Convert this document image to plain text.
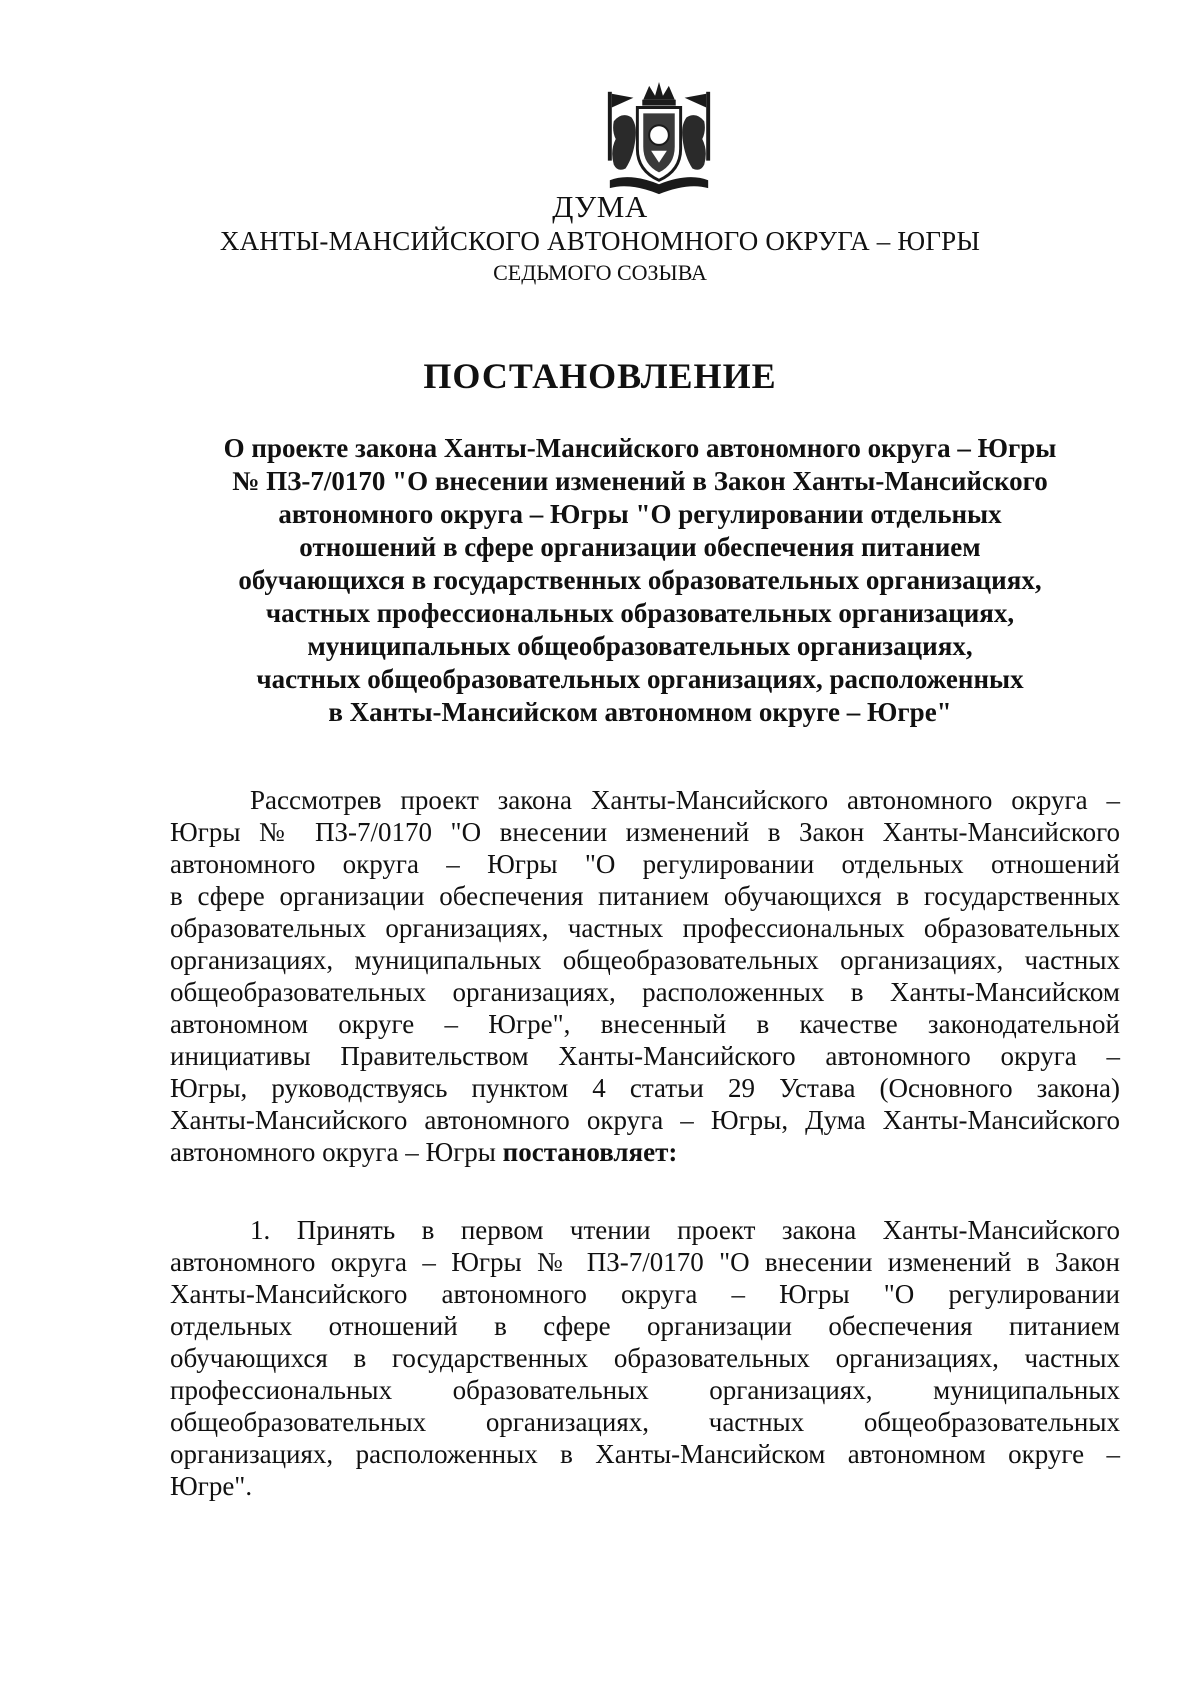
ДУМА
ХАНТЫ-МАНСИЙСКОГО АВТОНОМНОГО ОКРУГА – ЮГРЫ
СЕДЬМОГО СОЗЫВА
ПОСТАНОВЛЕНИЕ
О проекте закона Ханты-Мансийского автономного округа – Югры
№ ПЗ-7/0170 "О внесении изменений в Закон Ханты-Мансийского
автономного округа – Югры "О регулировании отдельных
отношений в сфере организации обеспечения питанием
обучающихся в государственных образовательных организациях,
частных профессиональных образовательных организациях,
муниципальных общеобразовательных организациях,
частных общеобразовательных организациях, расположенных
в Ханты-Мансийском автономном округе – Югре"
Рассмотрев проект закона Ханты-Мансийского автономного округа –
Югры № ПЗ-7/0170 "О внесении изменений в Закон Ханты-Мансийского
автономного округа – Югры "О регулировании отдельных отношений
в сфере организации обеспечения питанием обучающихся в государственных
образовательных организациях, частных профессиональных образовательных
организациях, муниципальных общеобразовательных организациях, частных
общеобразовательных организациях, расположенных в Ханты-Мансийском
автономном округе – Югре", внесенный в качестве законодательной
инициативы Правительством Ханты-Мансийского автономного округа –
Югры, руководствуясь пунктом 4 статьи 29 Устава (Основного закона)
Ханты-Мансийского автономного округа – Югры, Дума Ханты-Мансийского
автономного округа – Югры постановляет:
1. Принять в первом чтении проект закона Ханты-Мансийского
автономного округа – Югры № ПЗ-7/0170 "О внесении изменений в Закон
Ханты-Мансийского автономного округа – Югры "О регулировании
отдельных отношений в сфере организации обеспечения питанием
обучающихся в государственных образовательных организациях, частных
профессиональных образовательных организациях, муниципальных
общеобразовательных организациях, частных общеобразовательных
организациях, расположенных в Ханты-Мансийском автономном округе –
Югре".
